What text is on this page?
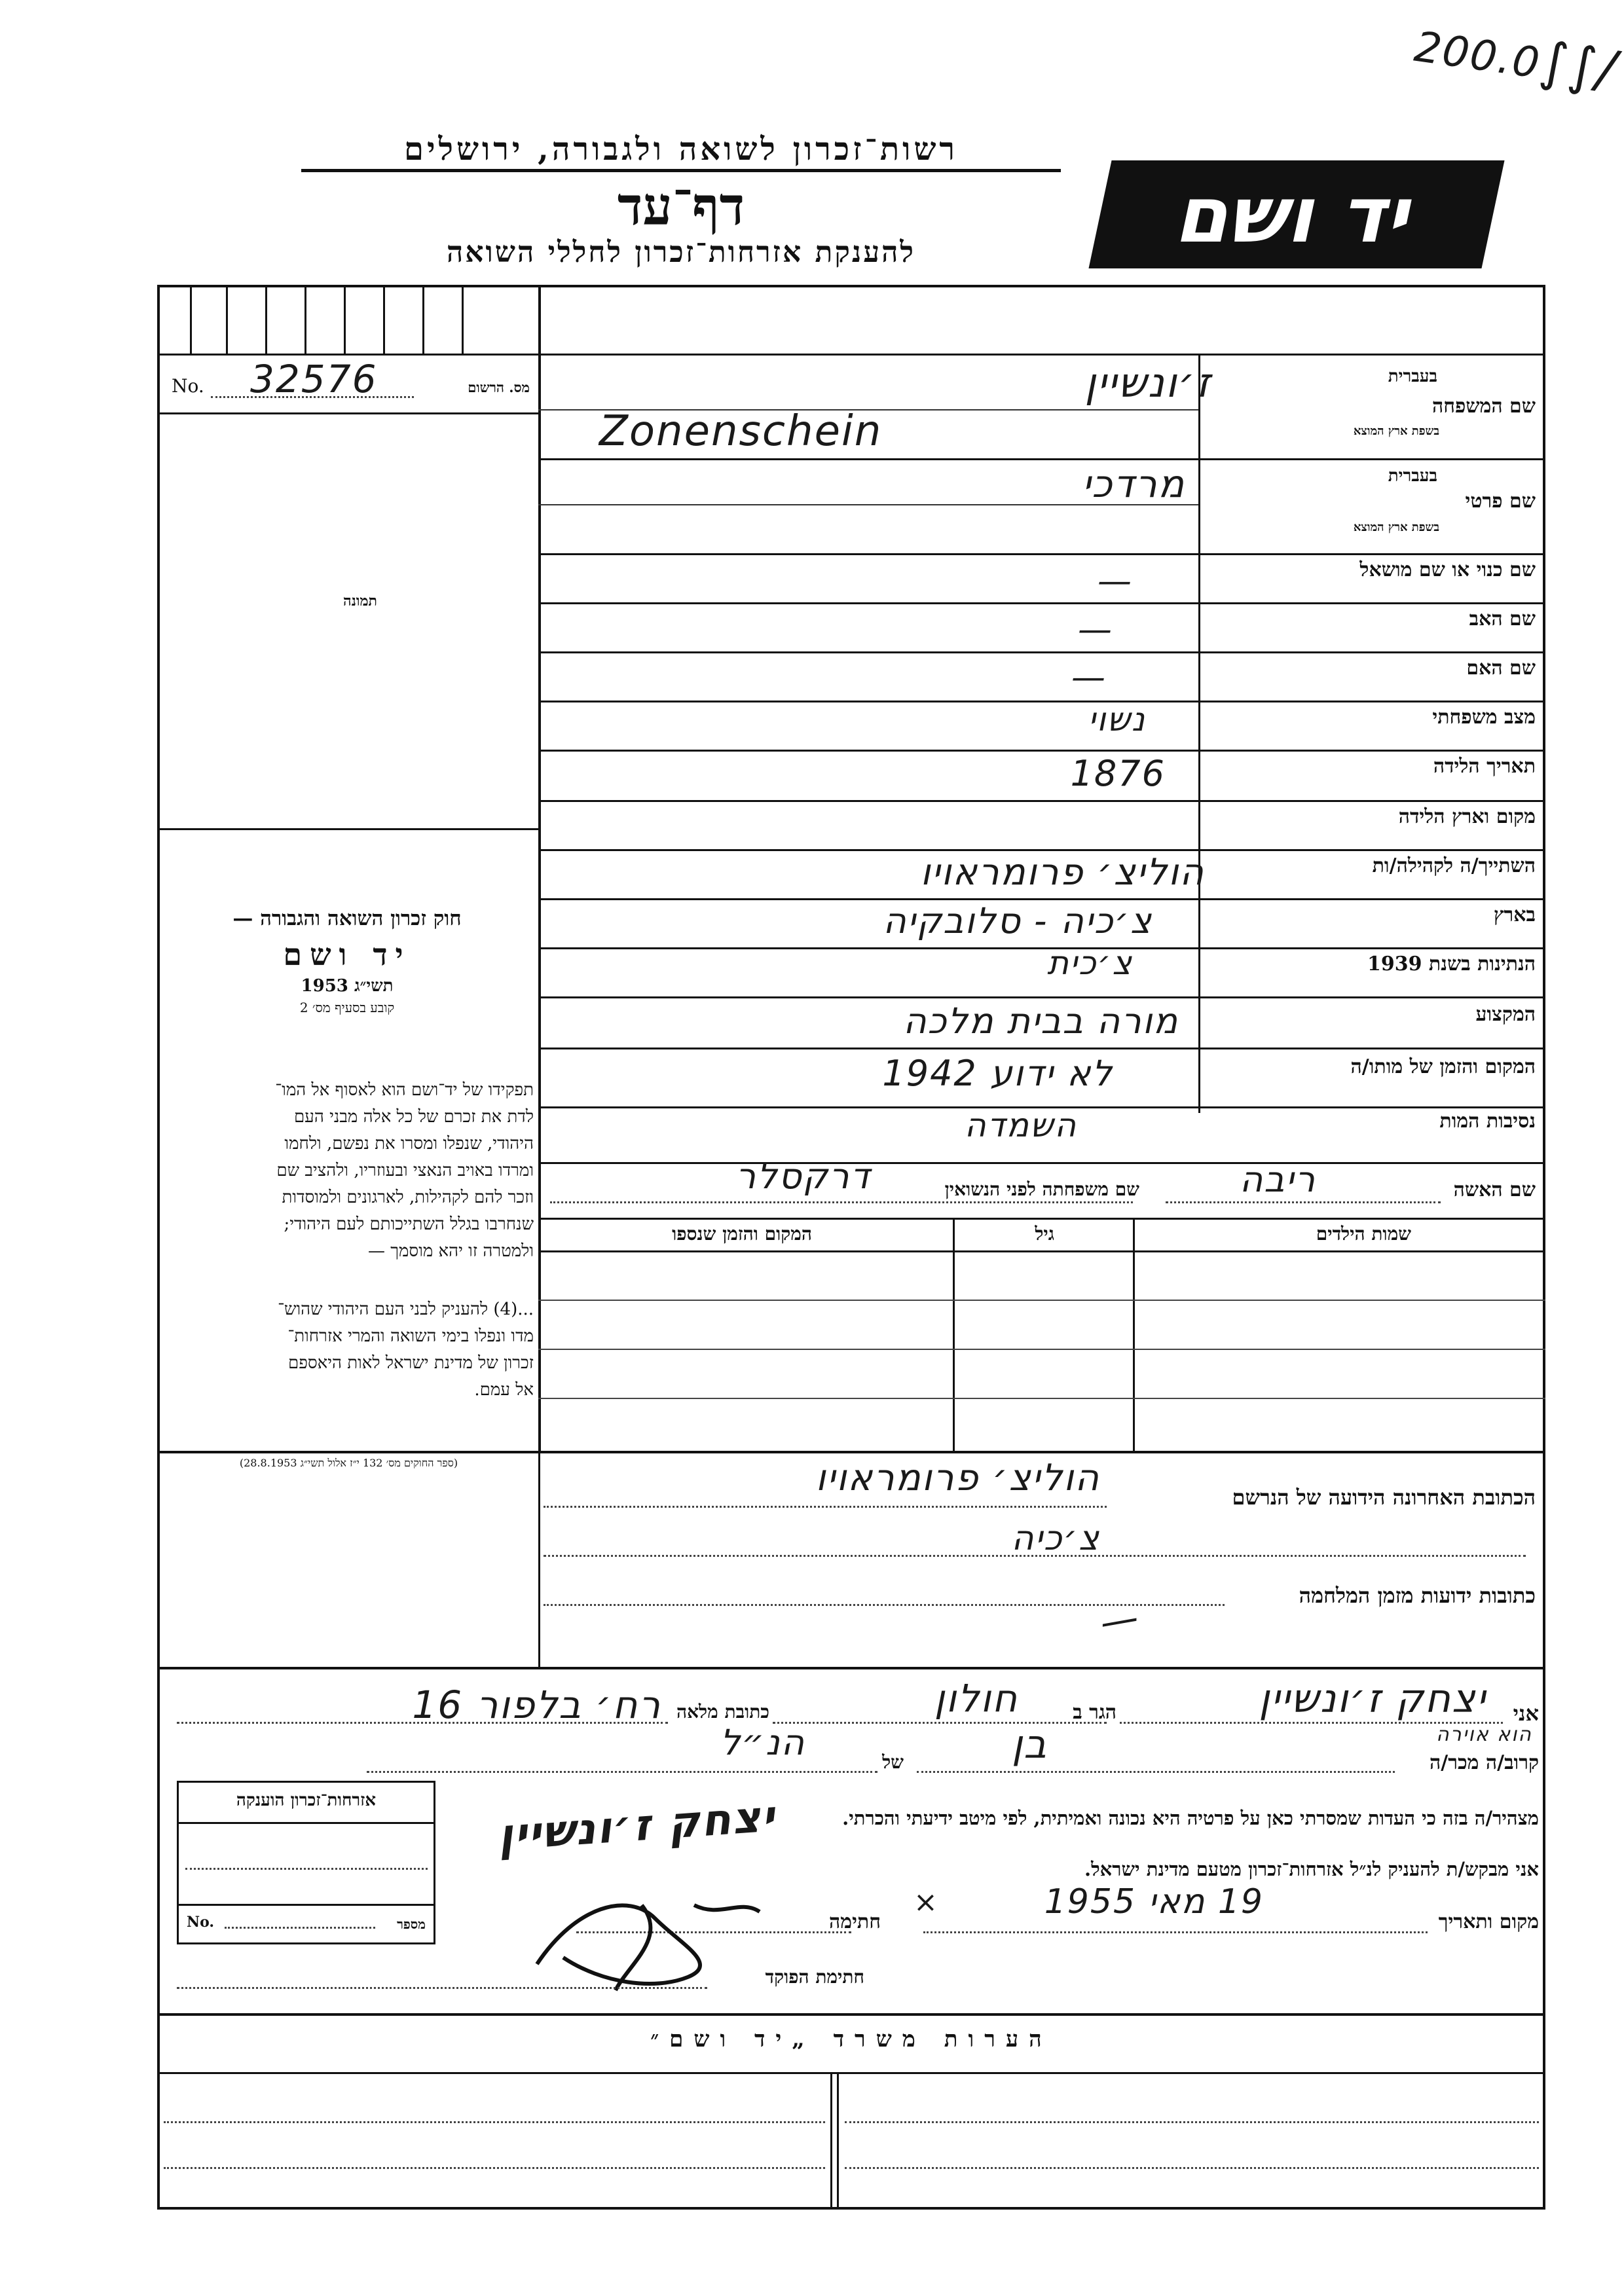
200.0∫∫∕
יד ושם
רשות־זכרון לשואה ולגבורה, ירושלים
דף־עד
להענקת אזרחות־זכרון לחללי השואה
No. 32576	מס. הרשום
תמונה
חוק זכרון השואה והגבורה —
יד ושם
תשי״ג 1953
קובע בסעיף מס׳ 2
תפקידו של יד־ושם הוא לאסוף אל המו־
לדת את זכרם של כל אלה מבני העם
היהודי, שנפלו ומסרו את נפשם, ולחמו
ומרדו באויב הנאצי ובעוזריו, ולהציב שם
וזכר להם לקהילות, לארגונים ולמוסדות
שנחרבו בגלל השתייכותם לעם היהודי;
ולמטרה זו יהא מוסמך —
...(4) להעניק לבני העם היהודי שהוש־
מדו ונפלו בימי השואה והמרי אזרחות־
זכרון של מדינת ישראל לאות היאספם
אל עמם.
(ספר החוקים מס׳ 132 י״ז אלול תשי״ג 28.8.1953)
שם המשפחה
בעברית
בשפת ארץ המוצא
ז׳ונשיין
Zonenschein
שם פרטי
בעברית
בשפת ארץ המוצא
מרדכי
שם כנוי או שם מושאל
—
שם האב
—
שם האם
—
מצב משפחתי
נשוי
תאריך הלידה
1876
מקום וארץ הלידה
השתייך/ה לקהילה/ות
הוליצ׳ פרומראויו
בארץ
צ׳כיה - סלובקיה
הנתינות בשנת 1939
צ׳כית
המקצוע
מורה בבית מלכה
המקום והזמן של מותו/ה
לא ידוע 1942
נסיבות המות
השמדה
שם האשה
ריבה
שם משפחתה לפני הנשואין
דרקסלר
שמות הילדים
גיל
המקום והזמן שנספו
הכתובת האחרונה הידועה של הנרשם
הוליצ׳ פרומראויו
צ׳כיה
כתובות ידועות מזמן המלחמה
—
אני
יצחק ז׳ונשיין
הגר ב
חולון
כתובת מלאה
רח׳ בלפור 16
קרוב/ה מכר/ה
הוא אוירה
בן
של
הנ״ל
מצהיר/ה בזה כי העדות שמסרתי כאן על פרטיה היא נכונה ואמיתית, לפי מיטב ידיעתי והכרתי.
אני מבקש/ת להעניק לנ״ל אזרחות־זכרון מטעם מדינת ישראל.
מקום ותאריך
19 מאי 1955
×
חתימה
יצחק ז׳ונשיין
חתימת הפוקד
אזרחות־זכרון הוענקה
No.	מספר
הערות משרד „יד ושם״
